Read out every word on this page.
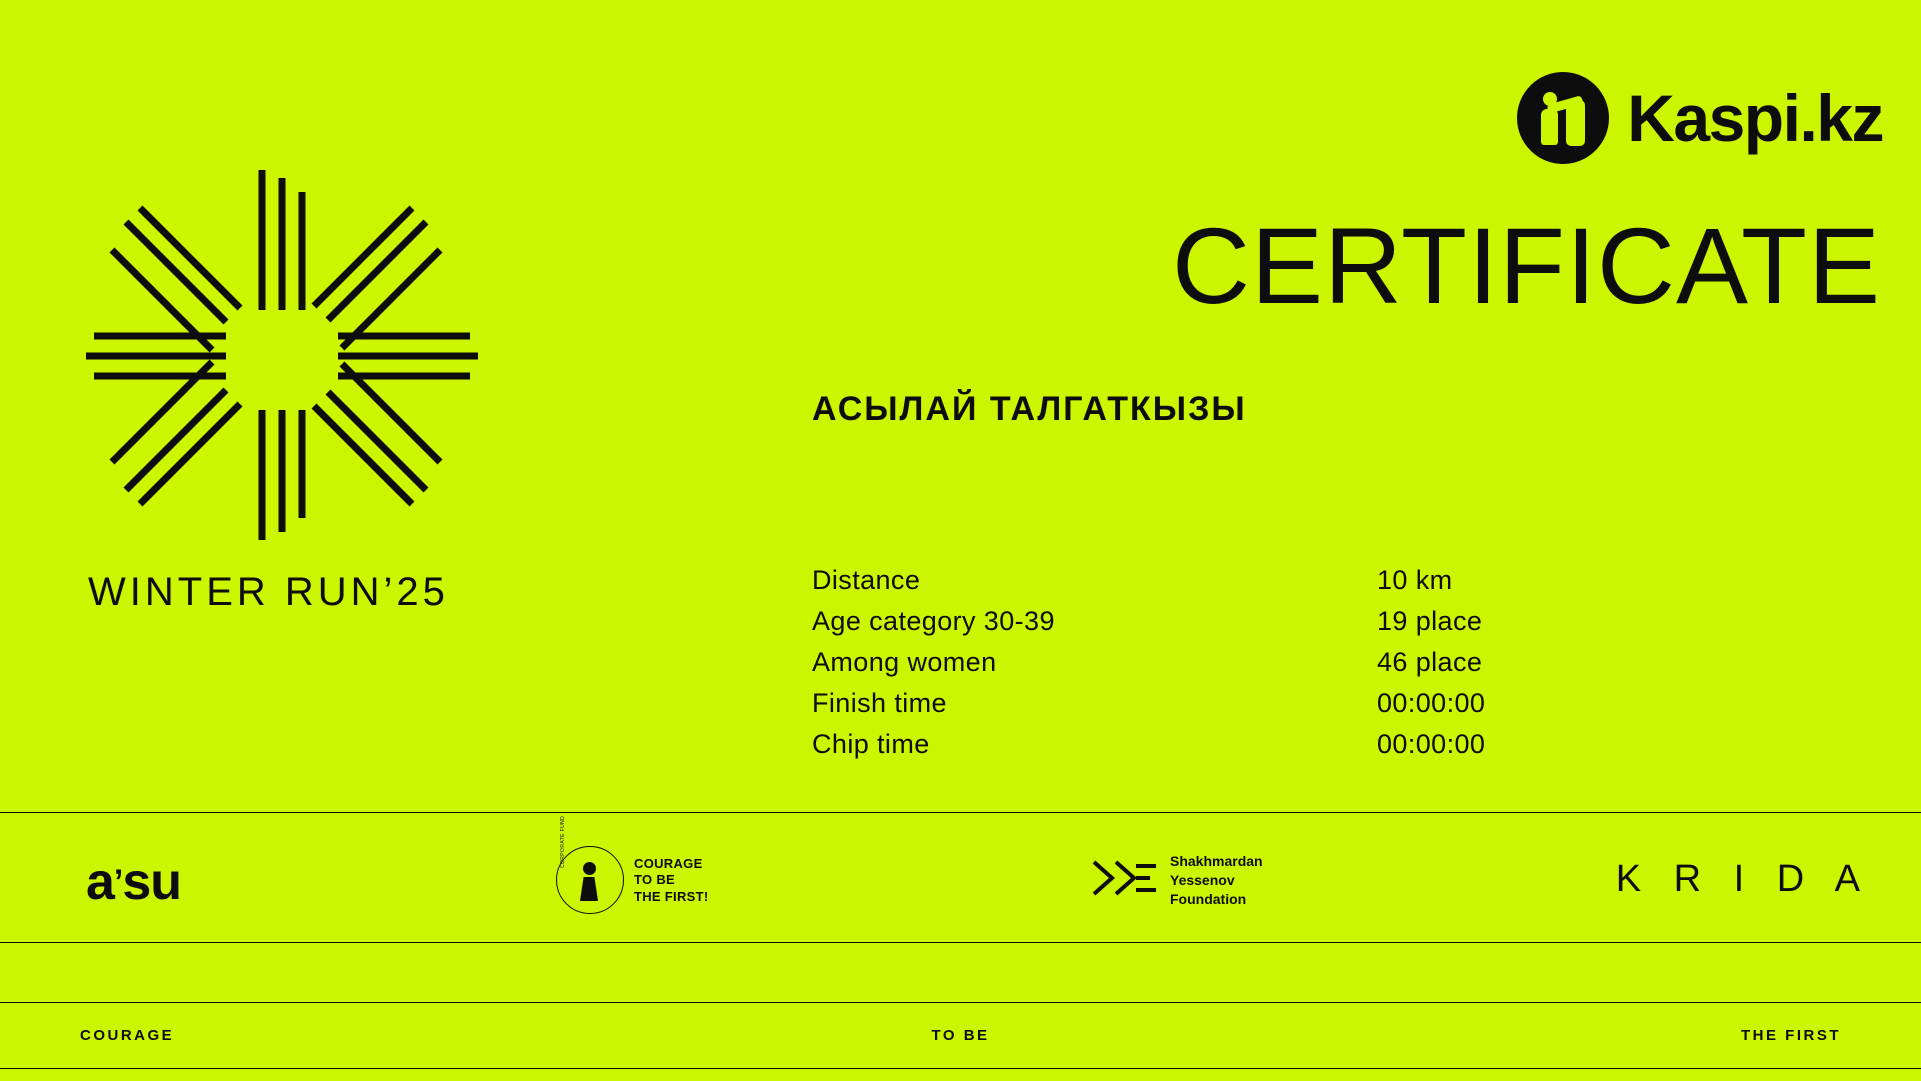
Kaspi.kz
WINTER RUN’25
CERTIFICATE
АСЫЛАЙ ТАЛГАТКЫЗЫ
Distance	10 km
Age category 30-39	19 place
Among women	46 place
Finish time	00:00:00
Chip time	00:00:00
a ’ su
CORPORATE FUND	COURAGE
TO BE
THE FIRST!
Shakhmardan
Yessenov
Foundation	K R I D A
COURAGE	TO BE	THE FIRST
